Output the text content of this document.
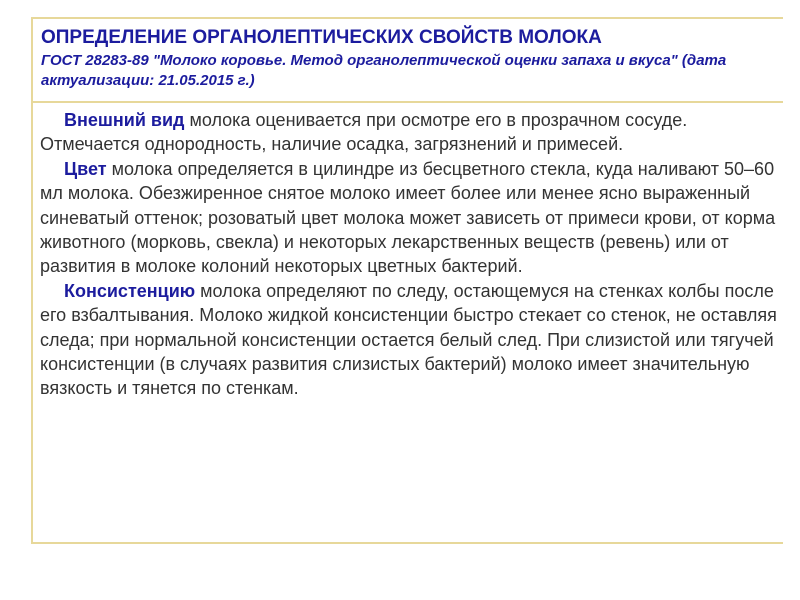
ОПРЕДЕЛЕНИЕ ОРГАНОЛЕПТИЧЕСКИХ СВОЙСТВ МОЛОКА
ГОСТ 28283-89 "Молоко коровье. Метод органолептической оценки запаха и вкуса" (дата актуализации: 21.05.2015 г.)

Внешний вид молока оценивается при осмотре его в прозрачном сосуде. Отмечается однородность, наличие осадка, загрязнений и примесей.

Цвет молока определяется в цилиндре из бесцветного стекла, куда наливают 50–60 мл молока. Обезжиренное снятое молоко имеет более или менее ясно выраженный синеватый оттенок; розоватый цвет молока может зависеть от примеси крови, от корма животного (морковь, свекла) и некоторых лекарственных веществ (ревень) или от развития в молоке колоний некоторых цветных бактерий.

Консистенцию молока определяют по следу, остающемуся на стенках колбы после его взбалтывания. Молоко жидкой консистенции быстро стекает со стенок, не оставляя следа; при нормальной консистенции остается белый след. При слизистой или тягучей консистенции (в случаях развития слизистых бактерий) молоко имеет значительную вязкость и тянется по стенкам.
